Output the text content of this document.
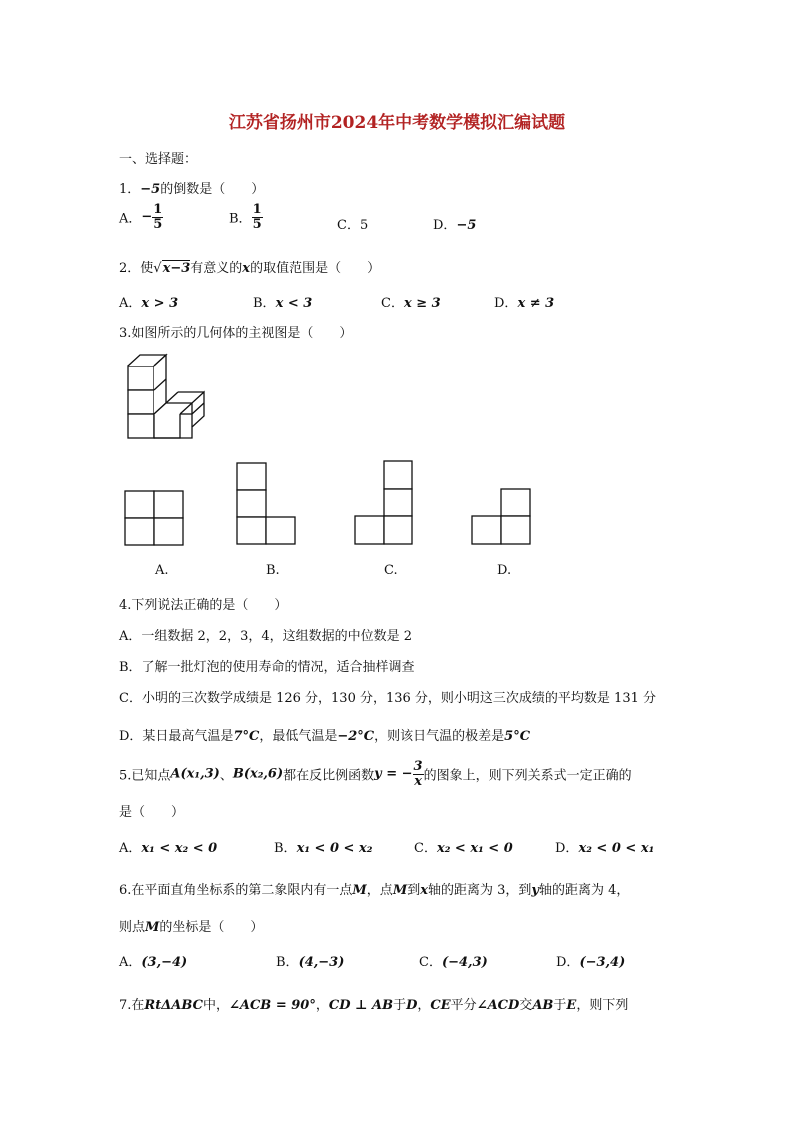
江苏省扬州市2024年中考数学模拟汇编试题
一、选择题：
1．−5的倒数是（　　）
A．− $\frac{1}{5}$	B． $\frac{1}{5}$	C．5	D．−5
2．使√x−3有意义的x的取值范围是（　　）
A．x > 3	B．x < 3	C．x ≥ 3	D．x ≠ 3
3.如图所示的几何体的主视图是（　　）
A.	B.	C.	D.
4.下列说法正确的是（　　）
A．一组数据 2，2，3，4，这组数据的中位数是 2
B．了解一批灯泡的使用寿命的情况，适合抽样调查
C．小明的三次数学成绩是 126 分，130 分，136 分，则小明这三次成绩的平均数是 131 分
D．某日最高气温是7°C，最低气温是−2°C，则该日气温的极差是5°C
5.已知点A(x₁,3)、B(x₂,6)都在反比例函数y = − $\frac{3}{x}$ 的图象上，则下列关系式一定正确的
是（　　）
A．x₁ < x₂ < 0	B．x₁ < 0 < x₂	C．x₂ < x₁ < 0	D．x₂ < 0 < x₁
6.在平面直角坐标系的第二象限内有一点M，点M到x轴的距离为 3，到y轴的距离为 4，
则点M的坐标是（　　）
A．(3,−4)	B．(4,−3)	C．(−4,3)	D．(−3,4)
7.在RtΔABC中，∠ACB = 90°，CD ⊥ AB于D，CE平分∠ACD交AB于E，则下列
